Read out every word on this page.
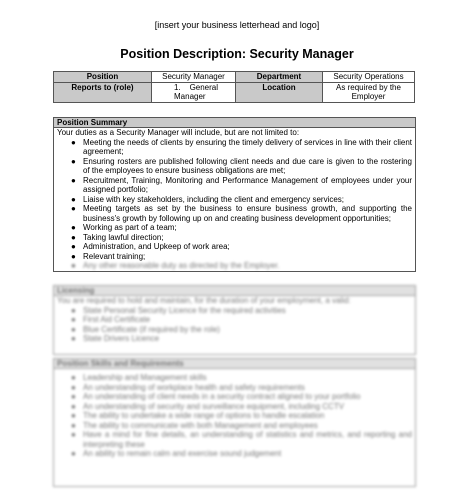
[insert your business letterhead and logo]
Position Description: Security Manager
Position	Security Manager	Department	Security Operations
Reports to (role)	1. General Manager	Location	As required by the Employer
Position Summary
Your duties as a Security Manager will include, but are not limited to:
● Meeting the needs of clients by ensuring the timely delivery of services in line with their client agreement;
● Ensuring rosters are published following client needs and due care is given to the rostering of the employees to ensure business obligations are met;
● Recruitment, Training, Monitoring and Performance Management of employees under your assigned portfolio;
● Liaise with key stakeholders, including the client and emergency services;
● Meeting targets as set by the business to ensure business growth, and supporting the business's growth by following up on and creating business development opportunities;
● Working as part of a team;
● Taking lawful direction;
● Administration, and Upkeep of work area;
● Relevant training;
● Any other reasonable duty as directed by the Employer.
Licensing
You are required to hold and maintain, for the duration of your employment, a valid:
● State Personal Security Licence for the required activities
● First Aid Certificate
● Blue Certificate (if required by the role)
● State Drivers Licence
Position Skills and Requirements
● Leadership and Management skills
● An understanding of workplace health and safety requirements
● An understanding of client needs in a security contract aligned to your portfolio
● An understanding of security and surveillance equipment, including CCTV
● The ability to undertake a wide range of options to handle escalation
● The ability to communicate with both Management and employees
● Have a mind for fine details, an understanding of statistics and metrics, and reporting and interpreting these
● An ability to remain calm and exercise sound judgement
